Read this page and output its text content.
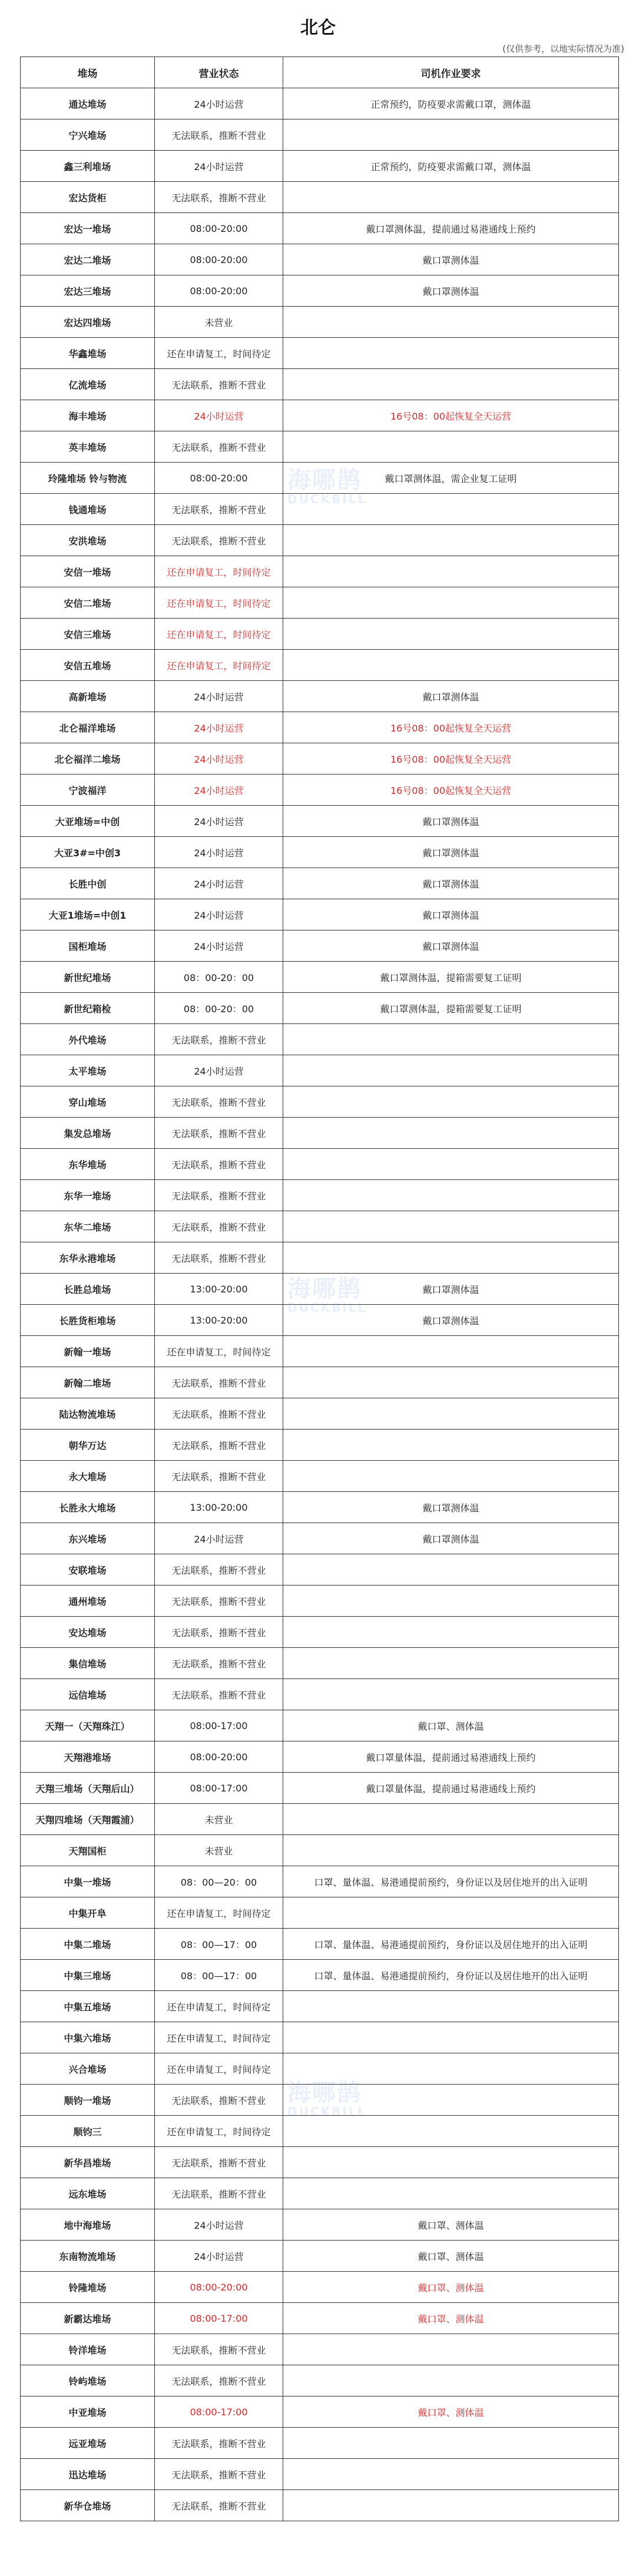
北仑
(仅供参考，以地实际情况为准)
堆场	营业状态	司机作业要求
通达堆场	24小时运营	正常预约，防疫要求需戴口罩，测体温
宁兴堆场	无法联系，推断不营业	
鑫三利堆场	24小时运营	正常预约，防疫要求需戴口罩，测体温
宏达货柜	无法联系，推断不营业	
宏达一堆场	08:00-20:00	戴口罩测体温，提前通过易港通线上预约
宏达二堆场	08:00-20:00	戴口罩测体温
宏达三堆场	08:00-20:00	戴口罩测体温
宏达四堆场	未营业	
华鑫堆场	还在申请复工，时间待定	
亿流堆场	无法联系，推断不营业	
海丰堆场	24小时运营	16号08：00起恢复全天运营
英丰堆场	无法联系，推断不营业	
玲隆堆场 铃与物流	08:00-20:00	戴口罩测体温，需企业复工证明
钱通堆场	无法联系，推断不营业	
安洪堆场	无法联系，推断不营业	
安信一堆场	还在申请复工，时间待定	
安信二堆场	还在申请复工，时间待定	
安信三堆场	还在申请复工，时间待定	
安信五堆场	还在申请复工，时间待定	
高新堆场	24小时运营	戴口罩测体温
北仑福洋堆场	24小时运营	16号08：00起恢复全天运营
北仑福洋二堆场	24小时运营	16号08：00起恢复全天运营
宁波福洋	24小时运营	16号08：00起恢复全天运营
大亚堆场=中创	24小时运营	戴口罩测体温
大亚3#=中创3	24小时运营	戴口罩测体温
长胜中创	24小时运营	戴口罩测体温
大亚1堆场=中创1	24小时运营	戴口罩测体温
国柜堆场	24小时运营	戴口罩测体温
新世纪堆场	08：00-20：00	戴口罩测体温，提箱需要复工证明
新世纪箱检	08：00-20：00	戴口罩测体温，提箱需要复工证明
外代堆场	无法联系，推断不营业	
太平堆场	24小时运营	
穿山堆场	无法联系，推断不营业	
集发总堆场	无法联系，推断不营业	
东华堆场	无法联系，推断不营业	
东华一堆场	无法联系，推断不营业	
东华二堆场	无法联系，推断不营业	
东华永港堆场	无法联系，推断不营业	
长胜总堆场	13:00-20:00	戴口罩测体温
长胜货柜堆场	13:00-20:00	戴口罩测体温
新翰一堆场	还在申请复工，时间待定	
新翰二堆场	无法联系，推断不营业	
陆达物流堆场	无法联系，推断不营业	
朝华万达	无法联系，推断不营业	
永大堆场	无法联系，推断不营业	
长胜永大堆场	13:00-20:00	戴口罩测体温
东兴堆场	24小时运营	戴口罩测体温
安联堆场	无法联系，推断不营业	
通州堆场	无法联系，推断不营业	
安达堆场	无法联系，推断不营业	
集信堆场	无法联系，推断不营业	
远信堆场	无法联系，推断不营业	
天翔一（天翔珠江）	08:00-17:00	戴口罩、测体温
天翔港堆场	08:00-20:00	戴口罩量体温，提前通过易港通线上预约
天翔三堆场（天翔后山）	08:00-17:00	戴口罩量体温，提前通过易港通线上预约
天翔四堆场（天翔霞浦）	未营业	
天翔国柜	未营业	
中集一堆场	08：00—20：00	口罩、量体温、易港通提前预约，身份证以及居住地开的出入证明
中集开阜	还在申请复工，时间待定	
中集二堆场	08：00—17：00	口罩、量体温、易港通提前预约，身份证以及居住地开的出入证明
中集三堆场	08：00—17：00	口罩、量体温、易港通提前预约，身份证以及居住地开的出入证明
中集五堆场	还在申请复工，时间待定	
中集六堆场	还在申请复工，时间待定	
兴合堆场	还在申请复工，时间待定	
顺钧一堆场	无法联系，推断不营业	
顺钧三	还在申请复工，时间待定	
新华昌堆场	无法联系，推断不营业	
远东堆场	无法联系，推断不营业	
地中海堆场	24小时运营	戴口罩、测体温
东南物流堆场	24小时运营	戴口罩、测体温
铃隆堆场	08:00-20:00	戴口罩、测体温
新霸达堆场	08:00-17:00	戴口罩、测体温
铃洋堆场	无法联系，推断不营业	
铃屿堆场	无法联系，推断不营业	
中亚堆场	08:00-17:00	戴口罩、测体温
远亚堆场	无法联系，推断不营业	
迅达堆场	无法联系，推断不营业	
新华仓堆场	无法联系，推断不营业	
海哪鹊
DUCKBILL
海哪鹊
DUCKBILL
海哪鹊
DUCKBILL
